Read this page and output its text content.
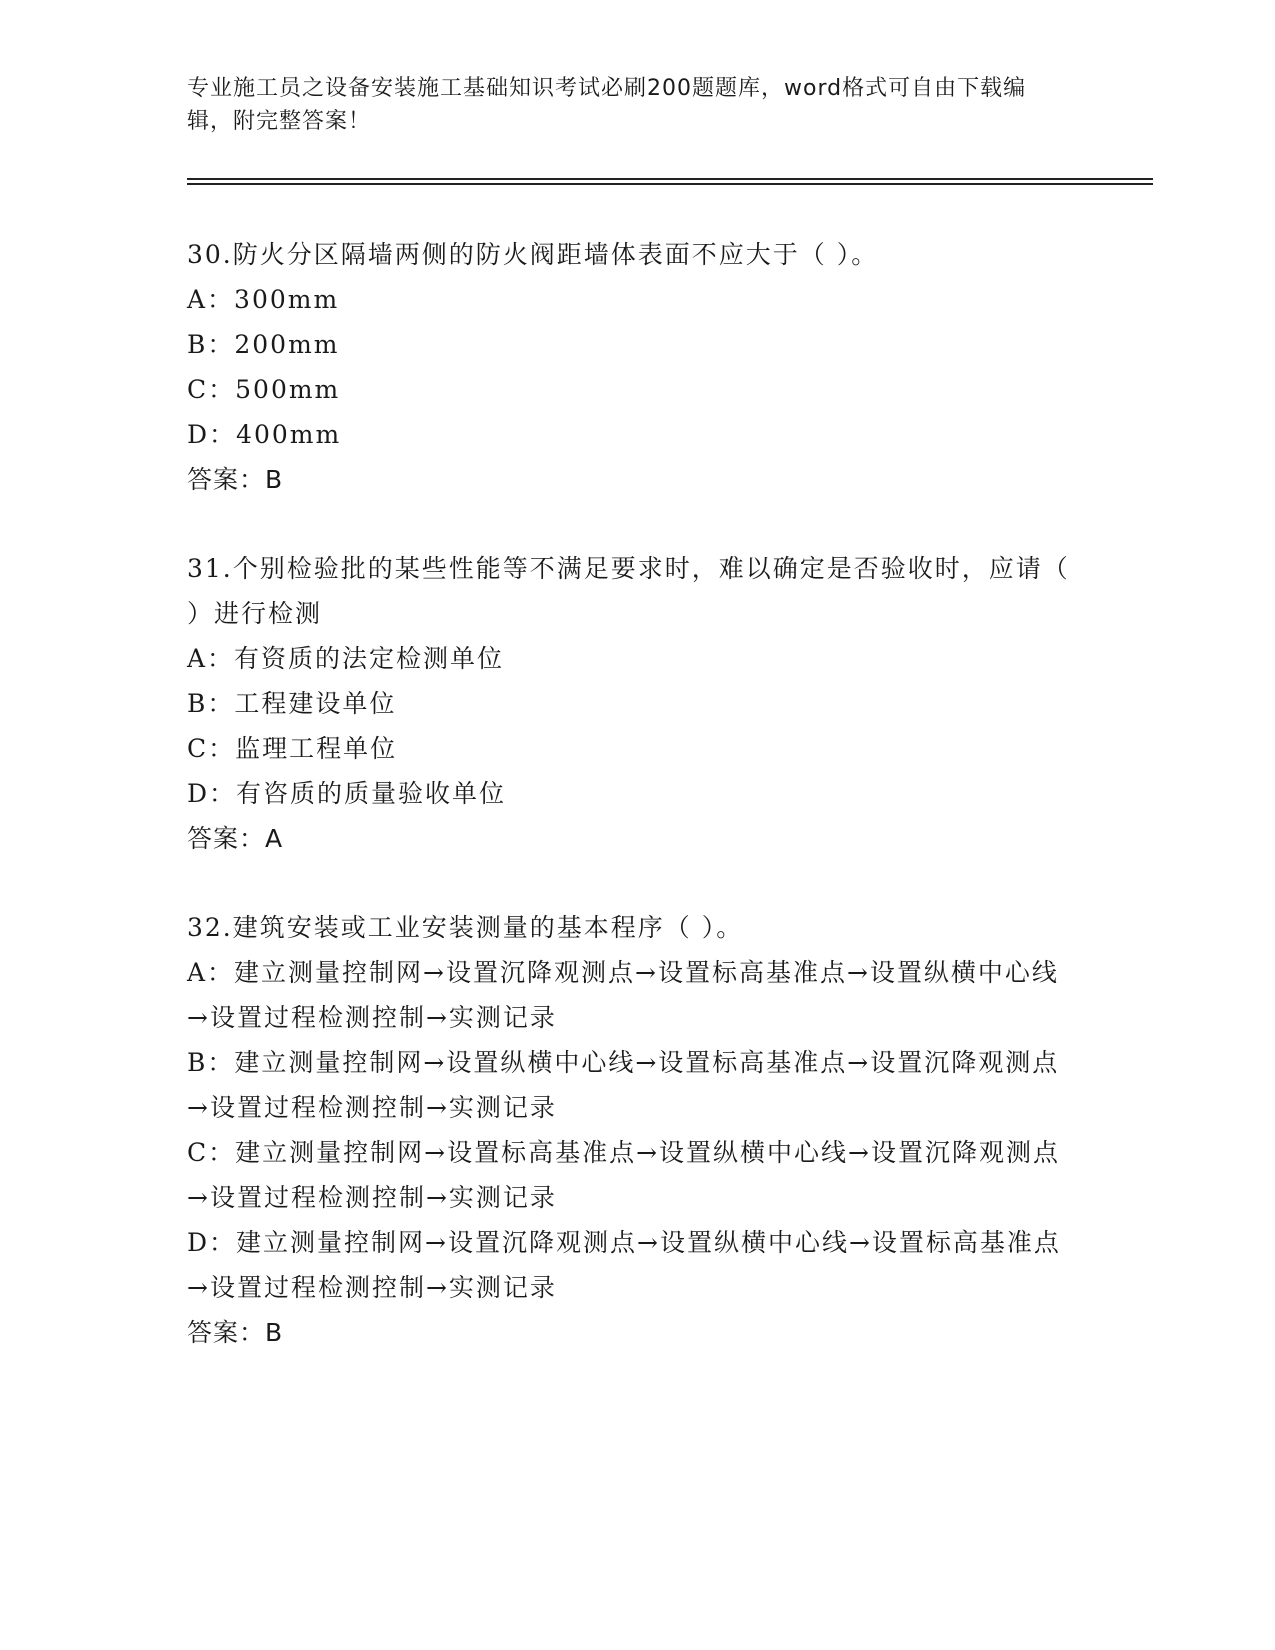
专业施工员之设备安装施工基础知识考试必刷200题题库，word格式可自由下载编辑，附完整答案！
30.防火分区隔墙两侧的防火阀距墙体表面不应大于（ ）。
A：300mm
B：200mm
C：500mm
D：400mm
答案：B
31.个别检验批的某些性能等不满足要求时，难以确定是否验收时，应请（ ）进行检测
A：有资质的法定检测单位
B：工程建设单位
C：监理工程单位
D：有咨质的质量验收单位
答案：A
32.建筑安装或工业安装测量的基本程序（ ）。
A：建立测量控制网→设置沉降观测点→设置标高基准点→设置纵横中心线→设置过程检测控制→实测记录
B：建立测量控制网→设置纵横中心线→设置标高基准点→设置沉降观测点→设置过程检测控制→实测记录
C：建立测量控制网→设置标高基准点→设置纵横中心线→设置沉降观测点→设置过程检测控制→实测记录
D：建立测量控制网→设置沉降观测点→设置纵横中心线→设置标高基准点→设置过程检测控制→实测记录
答案：B
